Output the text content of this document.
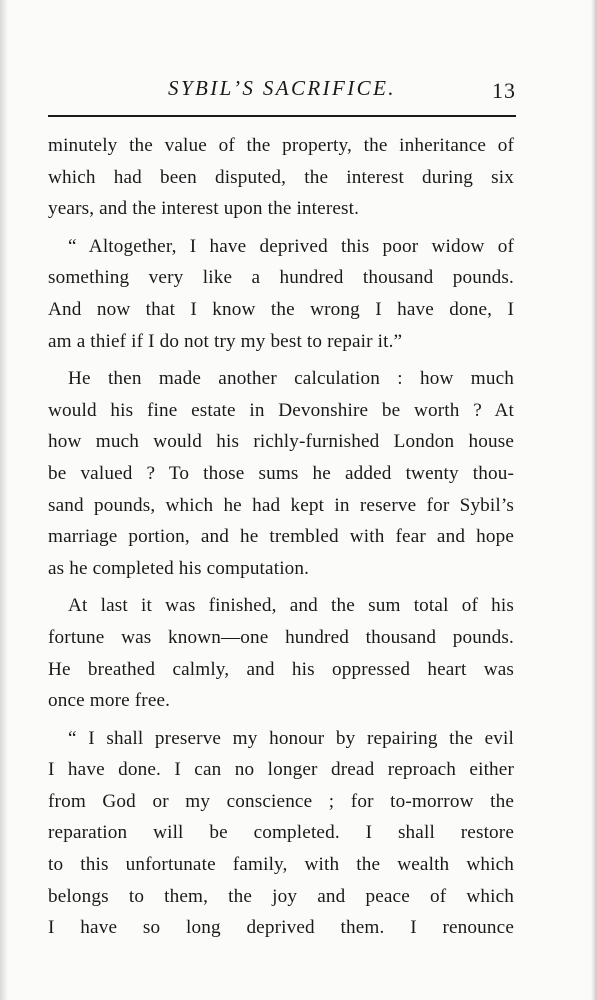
SYBIL’S SACRIFICE.	13
minutely the value of the property, the inheritance of
which had been disputed, the interest during six
years, and the interest upon the interest.
“ Altogether, I have deprived this poor widow of
something very like a hundred thousand pounds.
And now that I know the wrong I have done, I
am a thief if I do not try my best to repair it.”
He then made another calculation : how much
would his fine estate in Devonshire be worth ? At
how much would his richly-furnished London house
be valued ? To those sums he added twenty thou-
sand pounds, which he had kept in reserve for Sybil’s
marriage portion, and he trembled with fear and hope
as he completed his computation.
At last it was finished, and the sum total of his
fortune was known—one hundred thousand pounds.
He breathed calmly, and his oppressed heart was
once more free.
“ I shall preserve my honour by repairing the evil
I have done. I can no longer dread reproach either
from God or my conscience ; for to-morrow the
reparation will be completed. I shall restore
to this unfortunate family, with the wealth which
belongs to them, the joy and peace of which
I have so long deprived them. I renounce
